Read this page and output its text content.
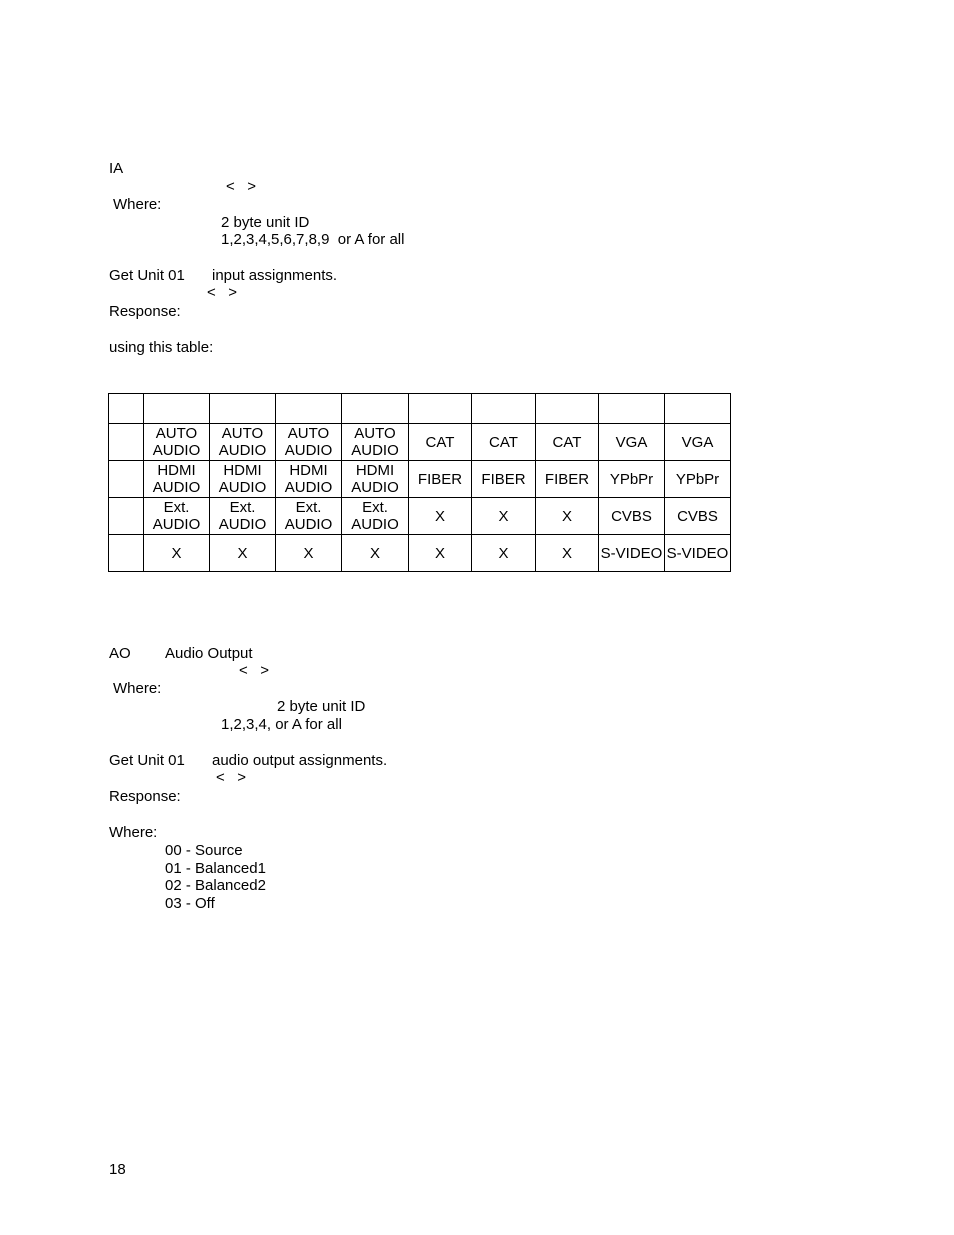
IA
<   >
Where:
2 byte unit ID
1,2,3,4,5,6,7,8,9  or A for all
Get Unit 01 input assignments.
<   >
Response:
using this table:

	AUTO AUDIO	AUTO AUDIO	AUTO AUDIO	AUTO AUDIO	CAT	CAT	CAT	VGA	VGA
	HDMI AUDIO	HDMI AUDIO	HDMI AUDIO	HDMI AUDIO	FIBER	FIBER	FIBER	YPbPr	YPbPr
	Ext. AUDIO	Ext. AUDIO	Ext. AUDIO	Ext. AUDIO	X	X	X	CVBS	CVBS
	X	X	X	X	X	X	X	S-VIDEO	S-VIDEO
AO Audio Output
<   >
Where:
2 byte unit ID
1,2,3,4, or A for all
Get Unit 01 audio output assignments.
<   >
Response:
Where:
00 - Source
01 - Balanced1
02 - Balanced2
03 - Off
18
